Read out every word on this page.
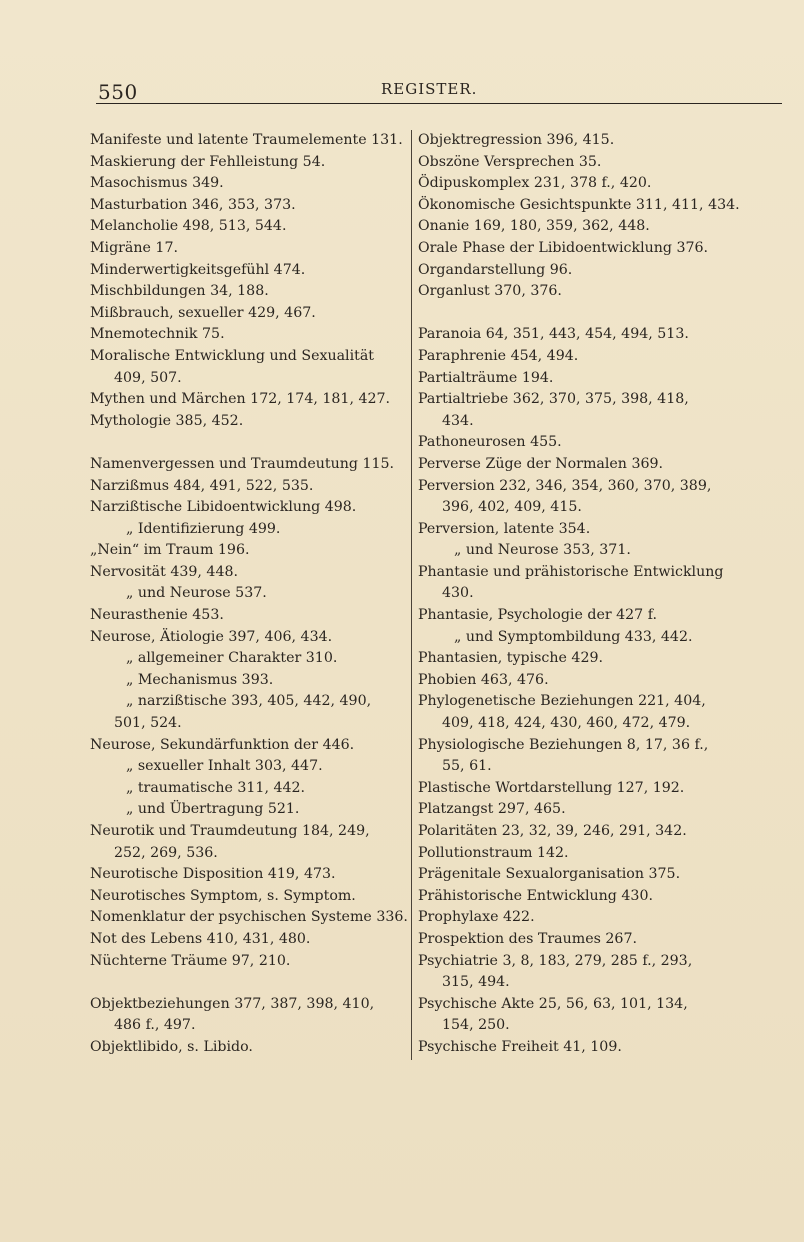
550	REGISTER.
Manifeste und latente Traumelemente 131.
Maskierung der Fehlleistung 54.
Masochismus 349.
Masturbation 346, 353, 373.
Melancholie 498, 513, 544.
Migräne 17.
Minderwertigkeitsgefühl 474.
Mischbildungen 34, 188.
Mißbrauch, sexueller 429, 467.
Mnemotechnik 75.
Moralische Entwicklung und Sexualität
409, 507.
Mythen und Märchen 172, 174, 181, 427.
Mythologie 385, 452.
Namenvergessen und Traumdeutung 115.
Narzißmus 484, 491, 522, 535.
Narzißtische Libidoentwicklung 498.
„ Identifizierung 499.
„Nein“ im Traum 196.
Nervosität 439, 448.
„ und Neurose 537.
Neurasthenie 453.
Neurose, Ätiologie 397, 406, 434.
„ allgemeiner Charakter 310.
„ Mechanismus 393.
„ narzißtische 393, 405, 442, 490,
501, 524.
Neurose, Sekundärfunktion der 446.
„ sexueller Inhalt 303, 447.
„ traumatische 311, 442.
„ und Übertragung 521.
Neurotik und Traumdeutung 184, 249,
252, 269, 536.
Neurotische Disposition 419, 473.
Neurotisches Symptom, s. Symptom.
Nomenklatur der psychischen Systeme 336.
Not des Lebens 410, 431, 480.
Nüchterne Träume 97, 210.
Objektbeziehungen 377, 387, 398, 410,
486 f., 497.
Objektlibido, s. Libido.
Objektregression 396, 415.
Obszöne Versprechen 35.
Ödipuskomplex 231, 378 f., 420.
Ökonomische Gesichtspunkte 311, 411, 434.
Onanie 169, 180, 359, 362, 448.
Orale Phase der Libidoentwicklung 376.
Organdarstellung 96.
Organlust 370, 376.
Paranoia 64, 351, 443, 454, 494, 513.
Paraphrenie 454, 494.
Partialträume 194.
Partialtriebe 362, 370, 375, 398, 418,
434.
Pathoneurosen 455.
Perverse Züge der Normalen 369.
Perversion 232, 346, 354, 360, 370, 389,
396, 402, 409, 415.
Perversion, latente 354.
„ und Neurose 353, 371.
Phantasie und prähistorische Entwicklung
430.
Phantasie, Psychologie der 427 f.
„ und Symptombildung 433, 442.
Phantasien, typische 429.
Phobien 463, 476.
Phylogenetische Beziehungen 221, 404,
409, 418, 424, 430, 460, 472, 479.
Physiologische Beziehungen 8, 17, 36 f.,
55, 61.
Plastische Wortdarstellung 127, 192.
Platzangst 297, 465.
Polaritäten 23, 32, 39, 246, 291, 342.
Pollutionstraum 142.
Prägenitale Sexualorganisation 375.
Prähistorische Entwicklung 430.
Prophylaxe 422.
Prospektion des Traumes 267.
Psychiatrie 3, 8, 183, 279, 285 f., 293,
315, 494.
Psychische Akte 25, 56, 63, 101, 134,
154, 250.
Psychische Freiheit 41, 109.
